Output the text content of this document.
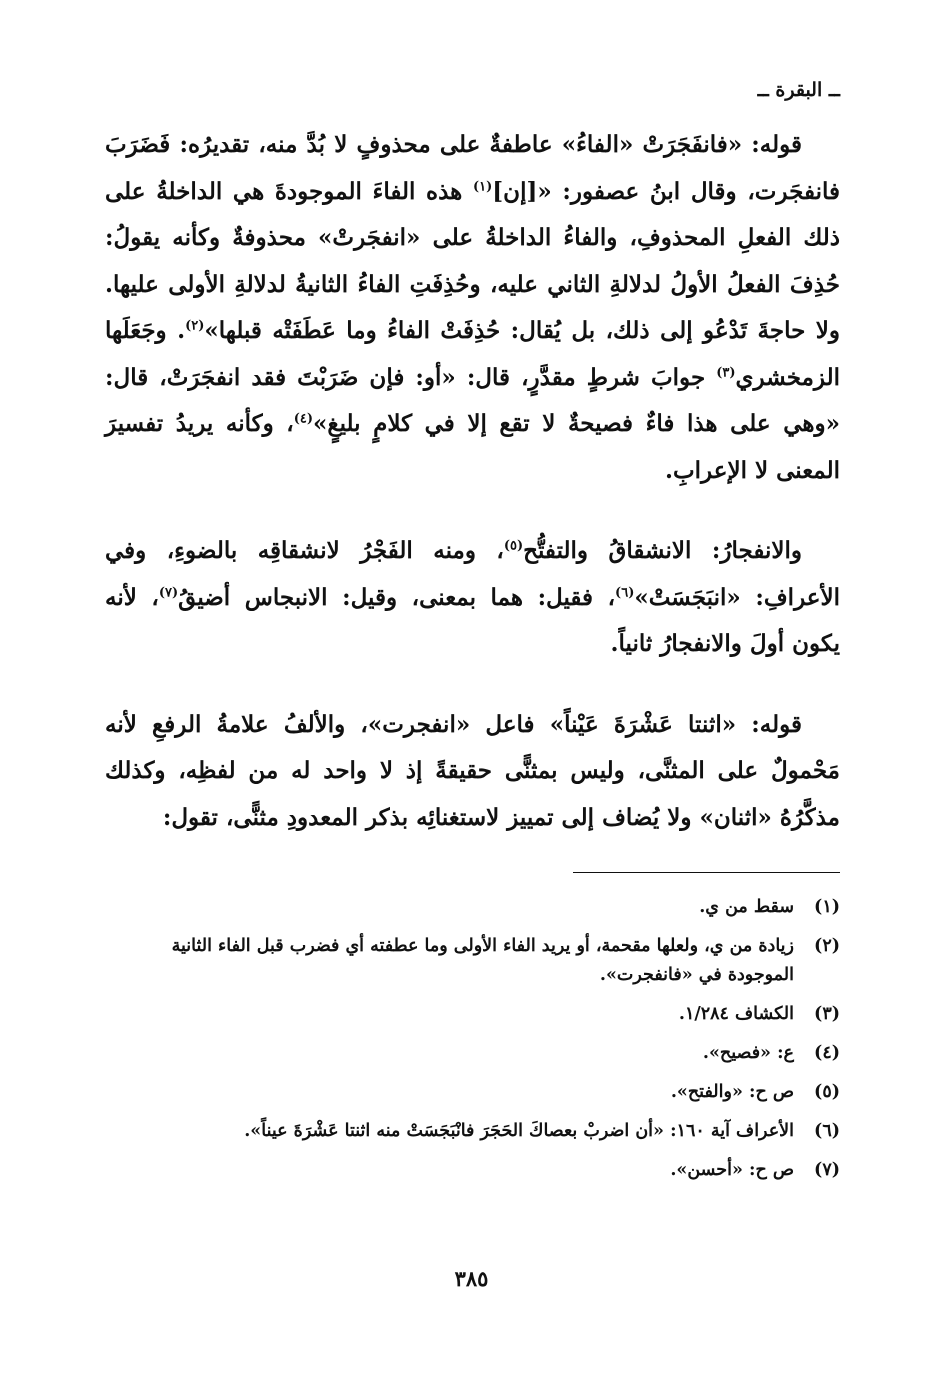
ــ البقرة ــ

قوله: «فانفَجَرَتْ «الفاءُ» عاطفةٌ على محذوفٍ لا بُدَّ منه، تقديرُه: فَضَرَبَ فانفجَرت، وقال ابنُ عصفور: «[إن]$^{(١)}$ هذه الفاءَ الموجودةَ هي الداخلةُ على ذلك الفعلِ المحذوفِ، والفاءُ الداخلةُ على «انفجَرتْ» محذوفةٌ وكأنه يقولُ: حُذِفَ الفعلُ الأولُ لدلالةِ الثاني عليه، وحُذِفَتِ الفاءُ الثانيةُ لدلالةِ الأولى عليها. ولا حاجةَ تَدْعُو إلى ذلك، بل يُقال: حُذِفَتْ الفاءُ وما عَطَفَتْه قبلها»$^{(٢)}$. وجَعَلَها الزمخشري$^{(٣)}$ جوابَ شرطٍ مقدَّرٍ، قال: «أو: فإن ضَرَبْتَ فقد انفجَرَتْ، قال: «وهي على هذا فاءٌ فصيحةٌ لا تقع إلا في كلامٍ بليغٍ»$^{(٤)}$، وكأنه يريدُ تفسيرَ المعنى لا الإعرابِ.

والانفجارُ: الانشقاقُ والتفتُّح$^{(٥)}$، ومنه الفَجْرُ لانشقاقِه بالضوءِ، وفي الأعرافِ: «انبَجَسَتْ»$^{(٦)}$، فقيل: هما بمعنى، وقيل: الانبجاس أضيقُ$^{(٧)}$، لأنه يكون أولَ والانفجارُ ثانياً.

قوله: «اثنتا عَشْرَةَ عَيْناً» فاعل «انفجرت»، والألفُ علامةُ الرفعِ لأنه مَحْمولٌ على المثنَّى، وليس بمثنًّى حقيقةً إذ لا واحد له من لفظِه، وكذلك مذكَّرُهُ «اثنان» ولا يُضاف إلى تمييز لاستغنائِه بذكر المعدودِ مثنًّى، تقول:

(١)سقط من ي.
(٢)زيادة من ي، ولعلها مقحمة، أو يريد الفاء الأولى وما عطفته أي فضرب قبل الفاء الثانية الموجودة في «فانفجرت».
(٣)الكشاف ١/٢٨٤.
(٤)ع: «فصيح».
(٥)ص ح: «والفتح».
(٦)الأعراف آية ١٦٠: «أن اضربْ بعصاكَ الحَجَرَ فانْبَجَسَتْ منه اثنتا عَشْرَةَ عيناً».
(٧)ص ح: «أحسن».
٣٨٥
